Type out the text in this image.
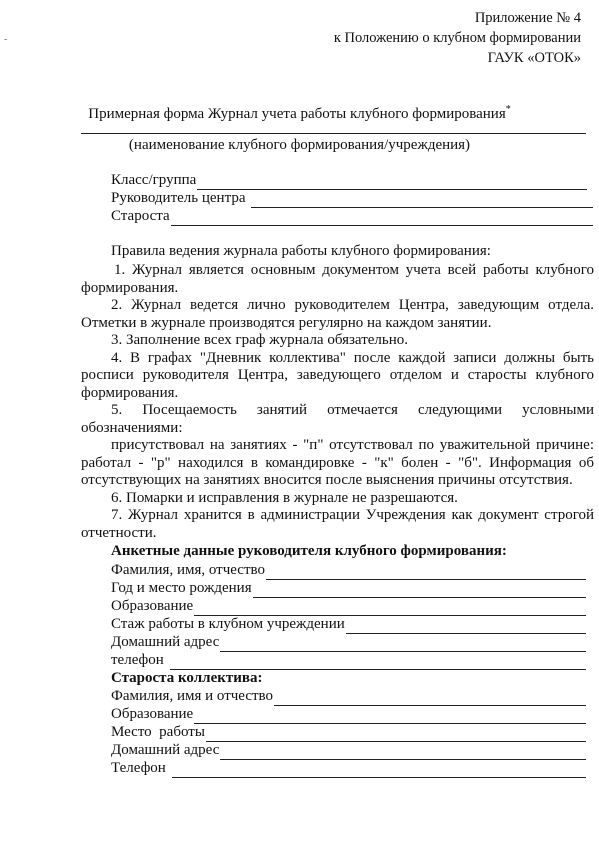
-
Приложение № 4
к Положению о клубном формировании
ГАУК «ОТОК»
Примерная форма Журнал учета работы клубного формирования*
(наименование клубного формирования/учреждения)
Класс/группа
Руководитель центра
Староста
Правила ведения журнала работы клубного формирования:

1. Журнал является основным документом учета всей работы клубного формирования.

2. Журнал ведется лично руководителем Центра, заведующим отдела. Отметки в журнале производятся регулярно на каждом занятии.

3. Заполнение всех граф журнала обязательно.

4. В графах "Дневник коллектива" после каждой записи должны быть росписи руководителя Центра, заведующего отделом и старосты клубного формирования.

5. Посещаемость занятий отмечается следующими условными обозначениями:

присутствовал на занятиях - "п" отсутствовал по уважительной причине: работал - "р" находился в командировке - "к" болен - "б". Информация об отсутствующих на занятиях вносится после выяснения причины отсутствия.

6. Помарки и исправления в журнале не разрешаются.

7. Журнал хранится в администрации Учреждения как документ строгой отчетности.

Анкетные данные руководителя клубного формирования:
Фамилия, имя, отчество
Год и место рождения
Образование
Стаж работы в клубном учреждении
Домашний адрес
телефон
Староста коллектива:
Фамилия, имя и отчество
Образование
Место  работы
Домашний адрес
Телефон
